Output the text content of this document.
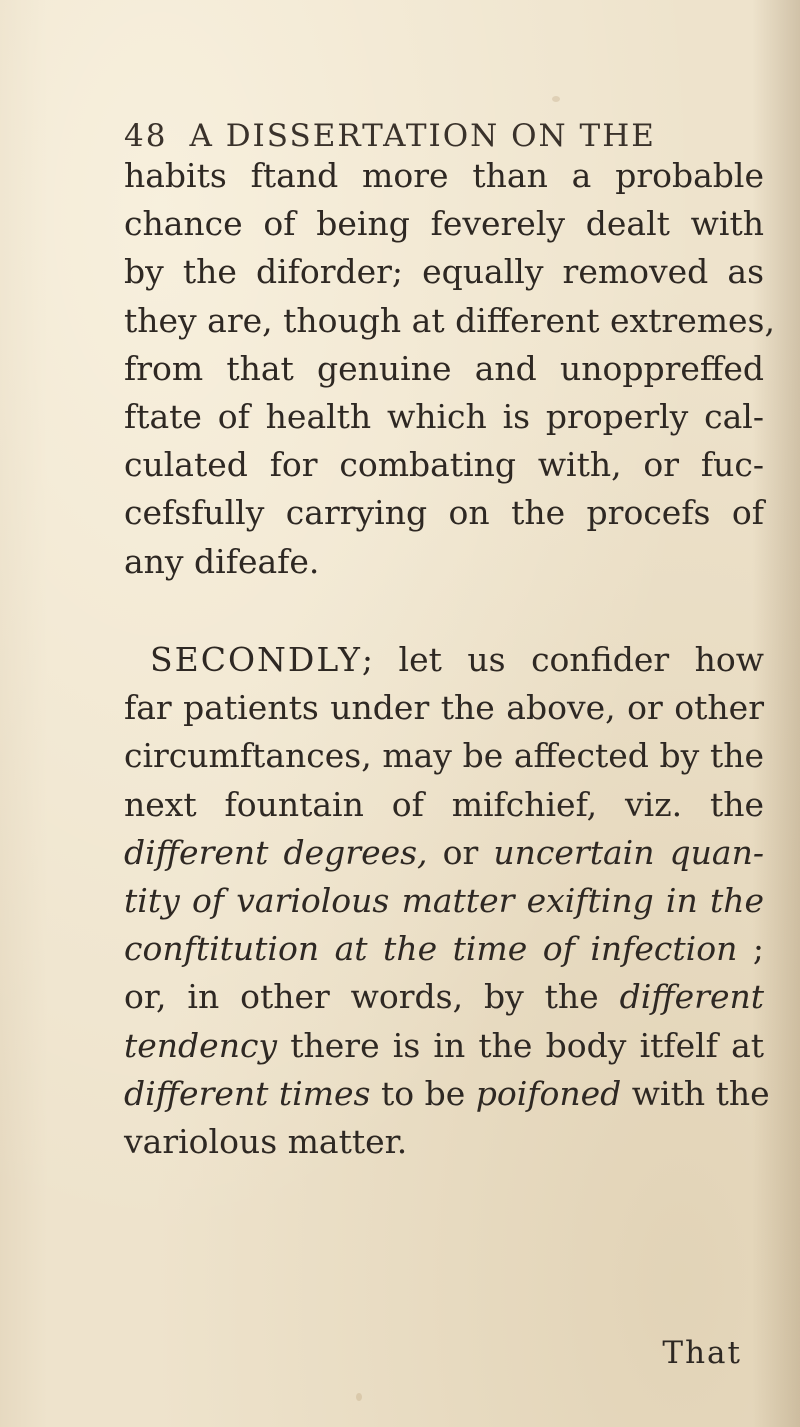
48 A DISSERTATION ON THE
habits ftand more than a probable
chance of being feverely dealt with
by the diforder; equally removed as
they are, though at different extremes,
from that genuine and unoppreffed
ftate of health which is properly cal-
culated for combating with, or fuc-
cefsfully carrying on the procefs of
any difeafe.
SECONDLY; let us confider how
far patients under the above, or other
circumftances, may be affected by the
next fountain of mifchief, viz. the
different degrees, or uncertain quan-
tity of variolous matter exifting in the
conftitution at the time of infection ;
or, in other words, by the different
tendency there is in the body itfelf at
different times to be poifoned with the
variolous matter.
That
